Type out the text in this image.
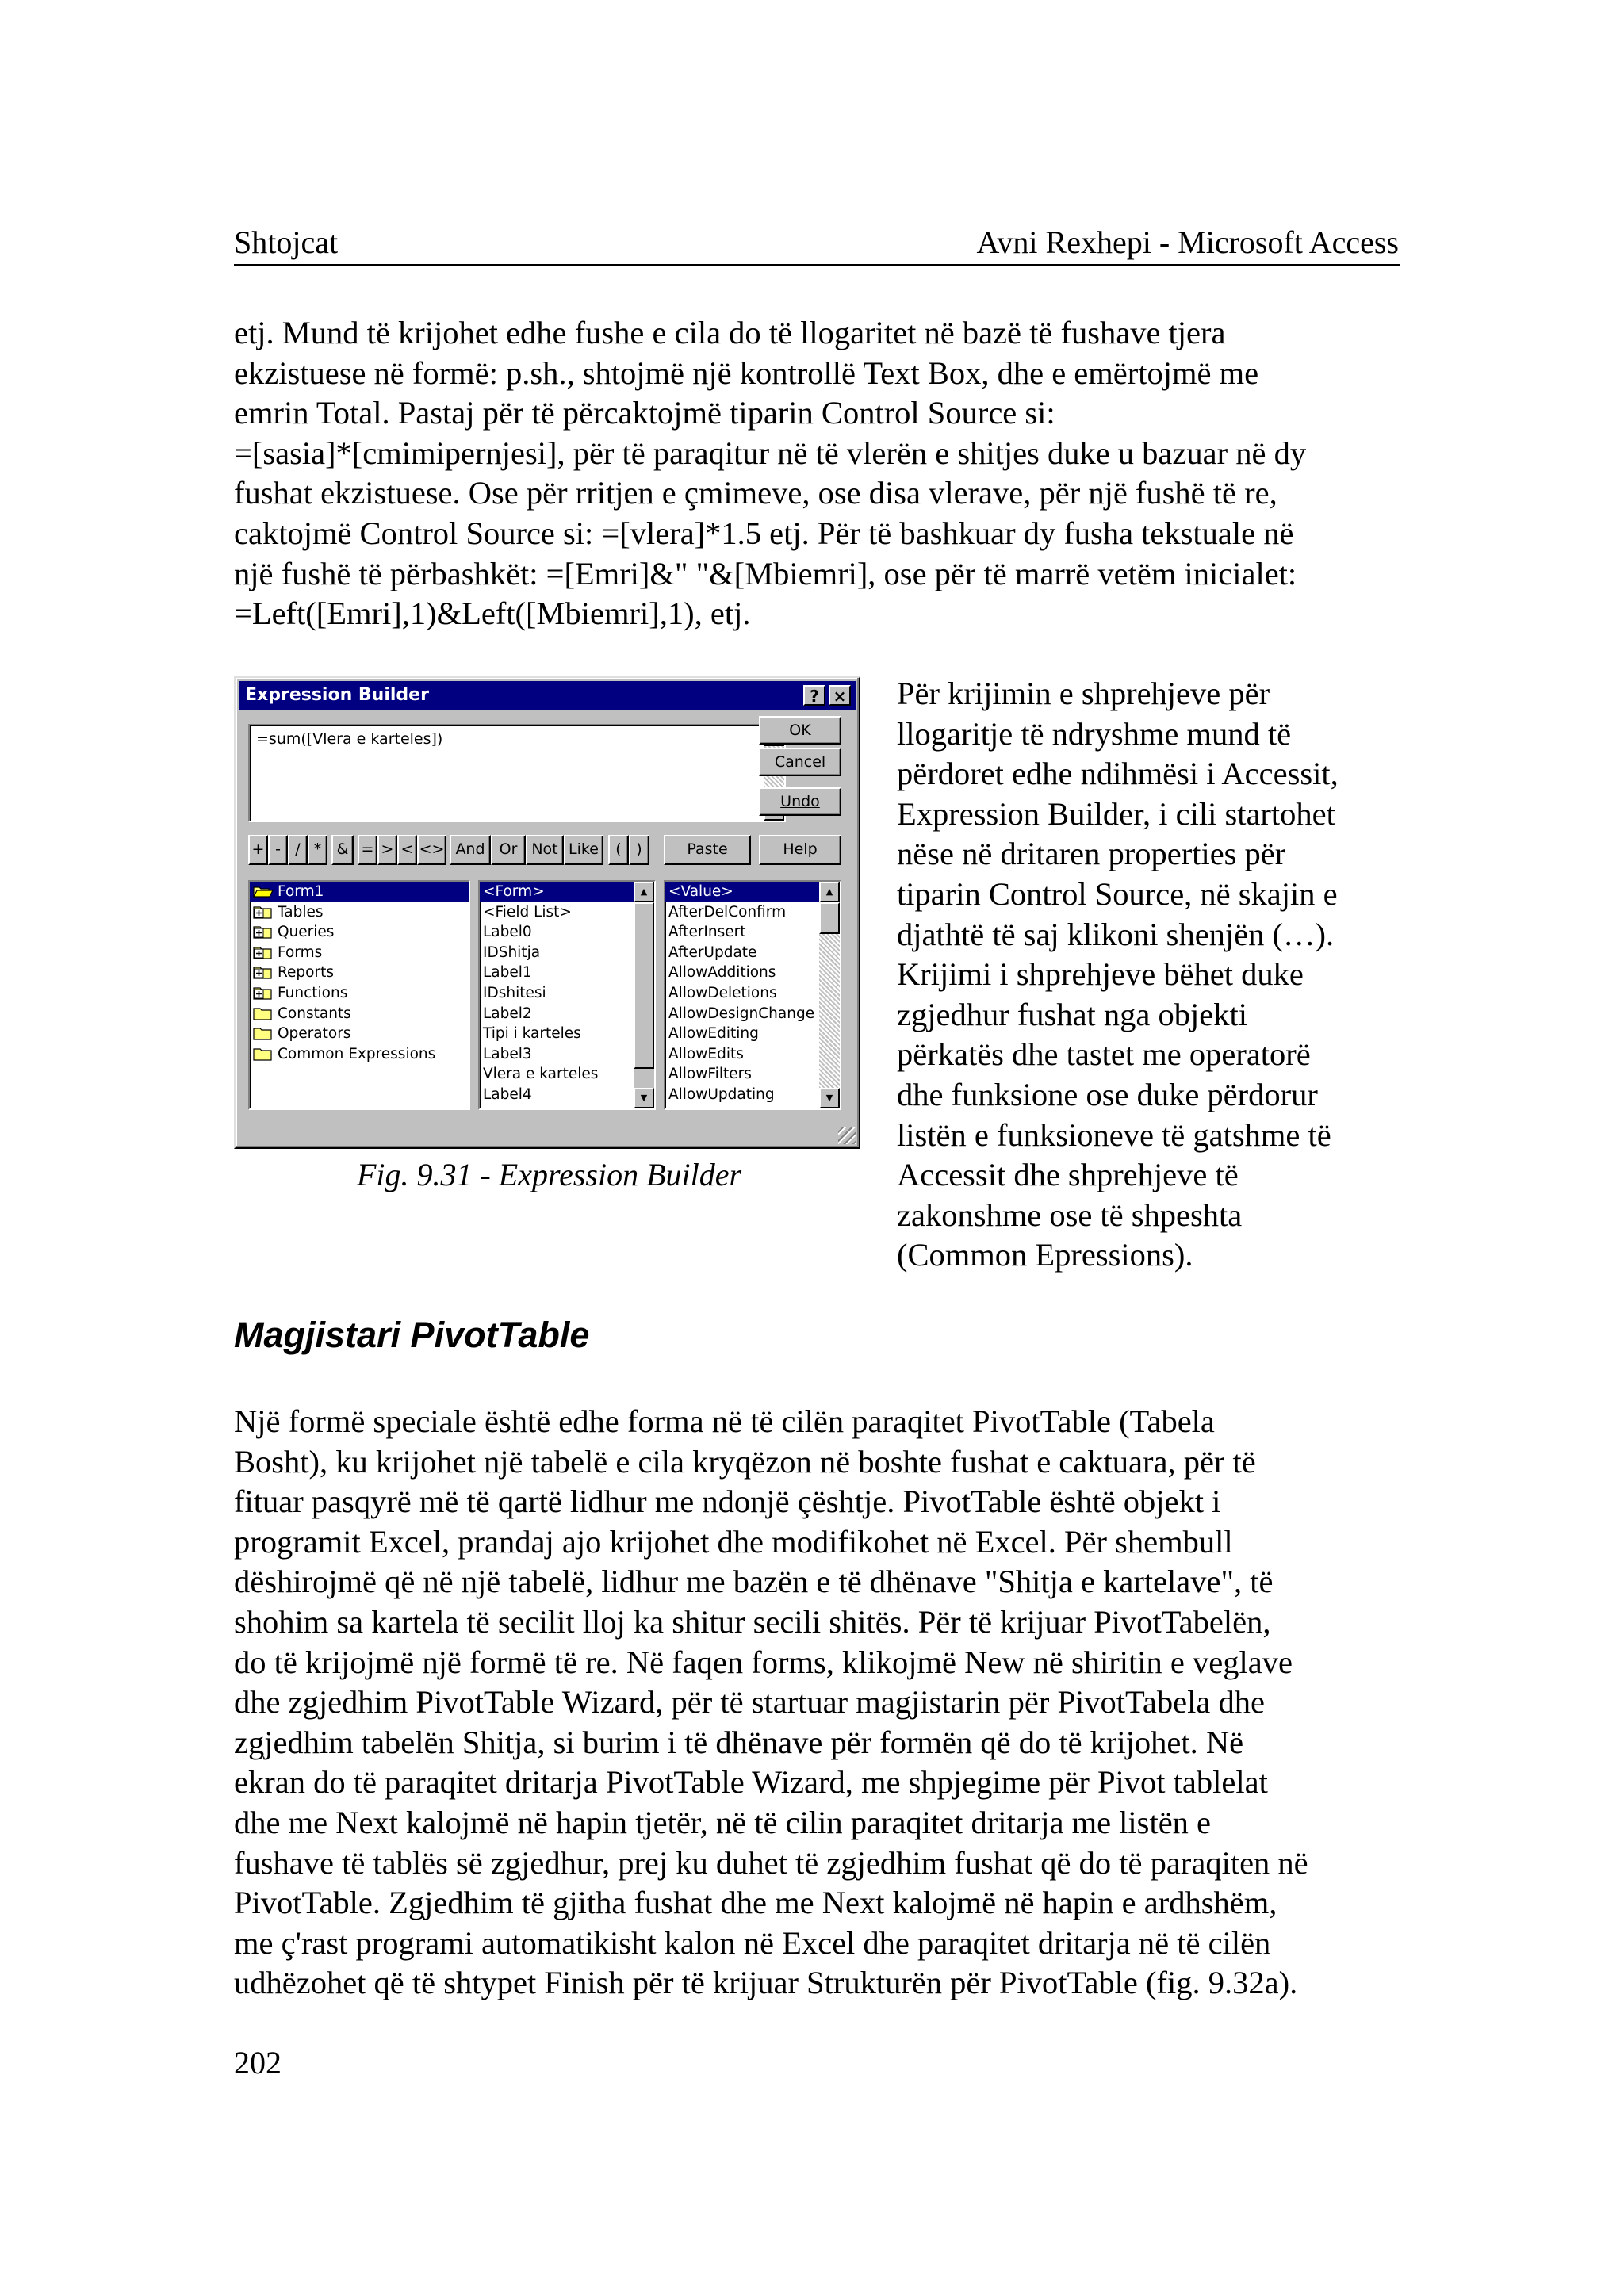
Shtojcat	Avni Rexhepi - Microsoft Access
etj. Mund të krijohet edhe fushe e cila do të llogaritet në bazë të fushave tjera
ekzistuese në formë: p.sh., shtojmë një kontrollë Text Box, dhe e emërtojmë me
emrin Total. Pastaj për të përcaktojmë tiparin Control Source si:
=[sasia]*[cmimipernjesi], për të paraqitur në të vlerën e shitjes duke u bazuar në dy
fushat ekzistuese. Ose për rritjen e çmimeve, ose disa vlerave, për një fushë të re,
caktojmë Control Source si: =[vlera]*1.5 etj. Për të bashkuar dy fusha tekstuale në
një fushë të përbashkët: =[Emri]&" "&[Mbiemri], ose për të marrë vetëm inicialet:
=Left([Emri],1)&Left([Mbiemri],1), etj.
Expression Builder	? ×
=sum([Vlera e karteles])	OK
Cancel
Undo
+ - / *	& = > < <> And Or Not Like	( )	Paste	Help
Form1
Tables
Queries
Forms
Reports
Functions
Constants
Operators
Common Expressions
<Form>
<Field List>
Label0
IDShitja
Label1
IDshitesi
Label2
Tipi i karteles
Label3
Vlera e karteles
Label4
▲
▼
<Value>
AfterDelConfirm
AfterInsert
AfterUpdate
AllowAdditions
AllowDeletions
AllowDesignChange
AllowEditing
AllowEdits
AllowFilters
AllowUpdating
▲
▼
Fig. 9.31 - Expression Builder
Për krijimin e shprehjeve për
llogaritje të ndryshme mund të
përdoret edhe ndihmësi i Accessit,
Expression Builder, i cili startohet
nëse në dritaren properties për
tiparin Control Source, në skajin e
djathtë të saj klikoni shenjën (…).
Krijimi i shprehjeve bëhet duke
zgjedhur fushat nga objekti
përkatës dhe tastet me operatorë
dhe funksione ose duke përdorur
listën e funksioneve të gatshme të
Accessit dhe shprehjeve të
zakonshme ose të shpeshta
(Common Epressions).
Magjistari PivotTable
Një formë speciale është edhe forma në të cilën paraqitet PivotTable (Tabela
Bosht), ku krijohet një tabelë e cila kryqëzon në boshte fushat e caktuara, për të
fituar pasqyrë më të qartë lidhur me ndonjë çështje. PivotTable është objekt i
programit Excel, prandaj ajo krijohet dhe modifikohet në Excel. Për shembull
dëshirojmë që në një tabelë, lidhur me bazën e të dhënave "Shitja e kartelave", të
shohim sa kartela të secilit lloj ka shitur secili shitës. Për të krijuar PivotTabelën,
do të krijojmë një formë të re. Në faqen forms, klikojmë New në shiritin e veglave
dhe zgjedhim PivotTable Wizard, për të startuar magjistarin për PivotTabela dhe
zgjedhim tabelën Shitja, si burim i të dhënave për formën që do të krijohet. Në
ekran do të paraqitet dritarja PivotTable Wizard, me shpjegime për Pivot tablelat
dhe me Next kalojmë në hapin tjetër, në të cilin paraqitet dritarja me listën e
fushave të tablës së zgjedhur, prej ku duhet të zgjedhim fushat që do të paraqiten në
PivotTable. Zgjedhim të gjitha fushat dhe me Next kalojmë në hapin e ardhshëm,
me ç'rast programi automatikisht kalon në Excel dhe paraqitet dritarja në të cilën
udhëzohet që të shtypet Finish për të krijuar Strukturën për PivotTable (fig. 9.32a).
202
